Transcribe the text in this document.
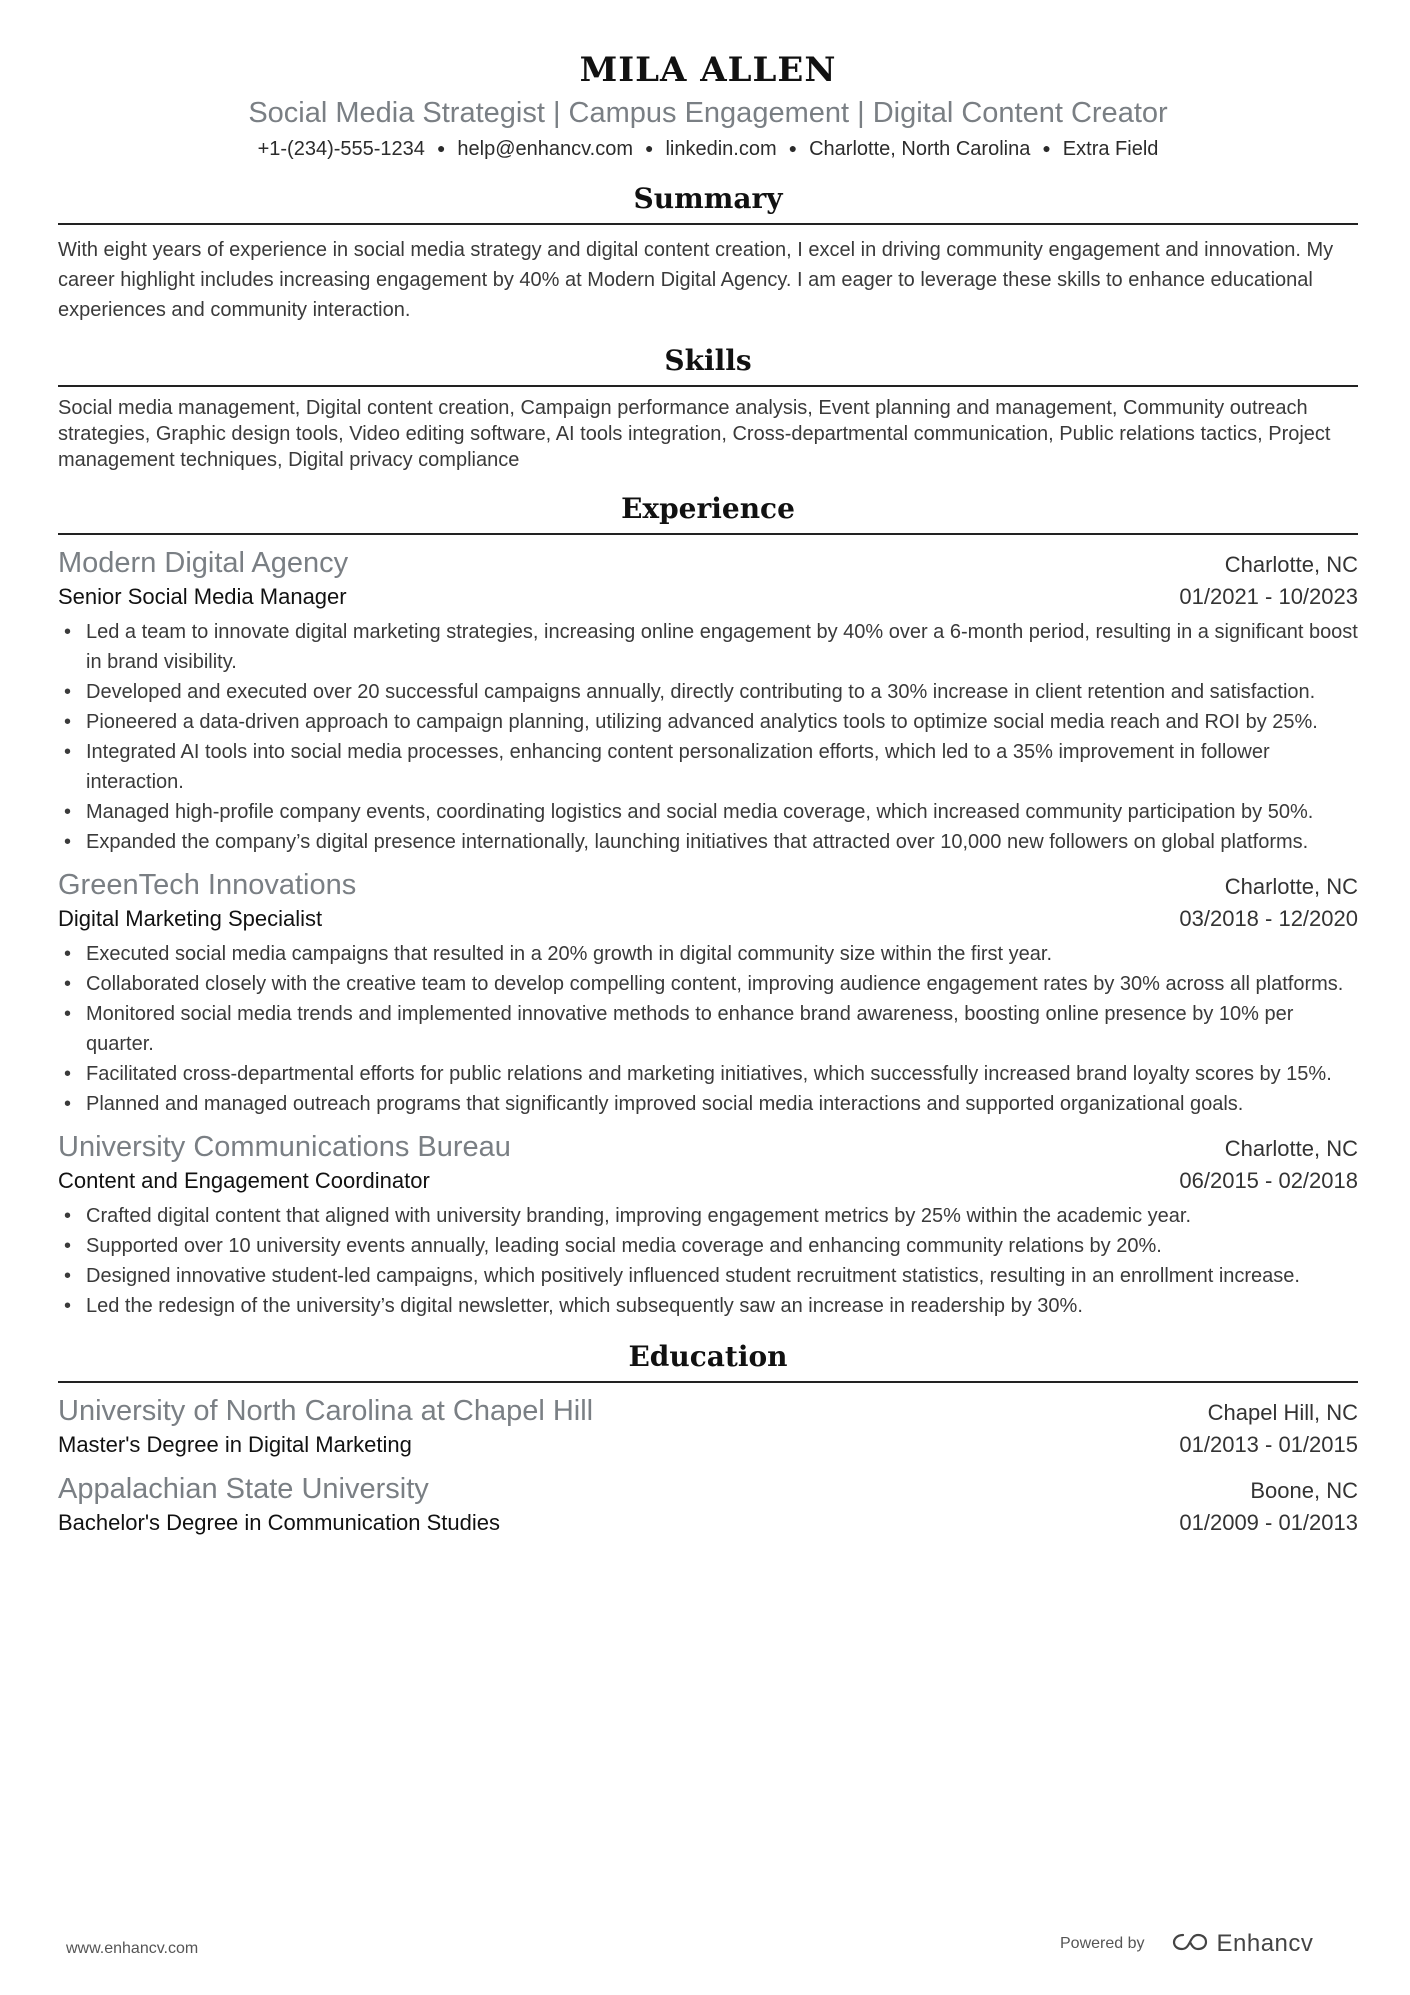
MILA ALLEN
Social Media Strategist | Campus Engagement | Digital Content Creator
+1-(234)-555-1234 ● help@enhancv.com ● linkedin.com ● Charlotte, North Carolina ● Extra Field
Summary
With eight years of experience in social media strategy and digital content creation, I excel in driving community engagement and innovation. My career highlight includes increasing engagement by 40% at Modern Digital Agency. I am eager to leverage these skills to enhance educational experiences and community interaction.
Skills
Social media management, Digital content creation, Campaign performance analysis, Event planning and management, Community outreach strategies, Graphic design tools, Video editing software, AI tools integration, Cross-departmental communication, Public relations tactics, Project management techniques, Digital privacy compliance
Experience
Modern Digital Agency	Charlotte, NC
Senior Social Media Manager	01/2021 - 10/2023
• Led a team to innovate digital marketing strategies, increasing online engagement by 40% over a 6-month period, resulting in a significant boost in brand visibility.
• Developed and executed over 20 successful campaigns annually, directly contributing to a 30% increase in client retention and satisfaction.
• Pioneered a data-driven approach to campaign planning, utilizing advanced analytics tools to optimize social media reach and ROI by 25%.
• Integrated AI tools into social media processes, enhancing content personalization efforts, which led to a 35% improvement in follower interaction.
• Managed high-profile company events, coordinating logistics and social media coverage, which increased community participation by 50%.
• Expanded the company’s digital presence internationally, launching initiatives that attracted over 10,000 new followers on global platforms.
GreenTech Innovations	Charlotte, NC
Digital Marketing Specialist	03/2018 - 12/2020
• Executed social media campaigns that resulted in a 20% growth in digital community size within the first year.
• Collaborated closely with the creative team to develop compelling content, improving audience engagement rates by 30% across all platforms.
• Monitored social media trends and implemented innovative methods to enhance brand awareness, boosting online presence by 10% per quarter.
• Facilitated cross-departmental efforts for public relations and marketing initiatives, which successfully increased brand loyalty scores by 15%.
• Planned and managed outreach programs that significantly improved social media interactions and supported organizational goals.
University Communications Bureau	Charlotte, NC
Content and Engagement Coordinator	06/2015 - 02/2018
• Crafted digital content that aligned with university branding, improving engagement metrics by 25% within the academic year.
• Supported over 10 university events annually, leading social media coverage and enhancing community relations by 20%.
• Designed innovative student-led campaigns, which positively influenced student recruitment statistics, resulting in an enrollment increase.
• Led the redesign of the university’s digital newsletter, which subsequently saw an increase in readership by 30%.
Education
University of North Carolina at Chapel Hill	Chapel Hill, NC
Master's Degree in Digital Marketing	01/2013 - 01/2015
Appalachian State University	Boone, NC
Bachelor's Degree in Communication Studies	01/2009 - 01/2013
www.enhancv.com	Powered by	Enhancv
